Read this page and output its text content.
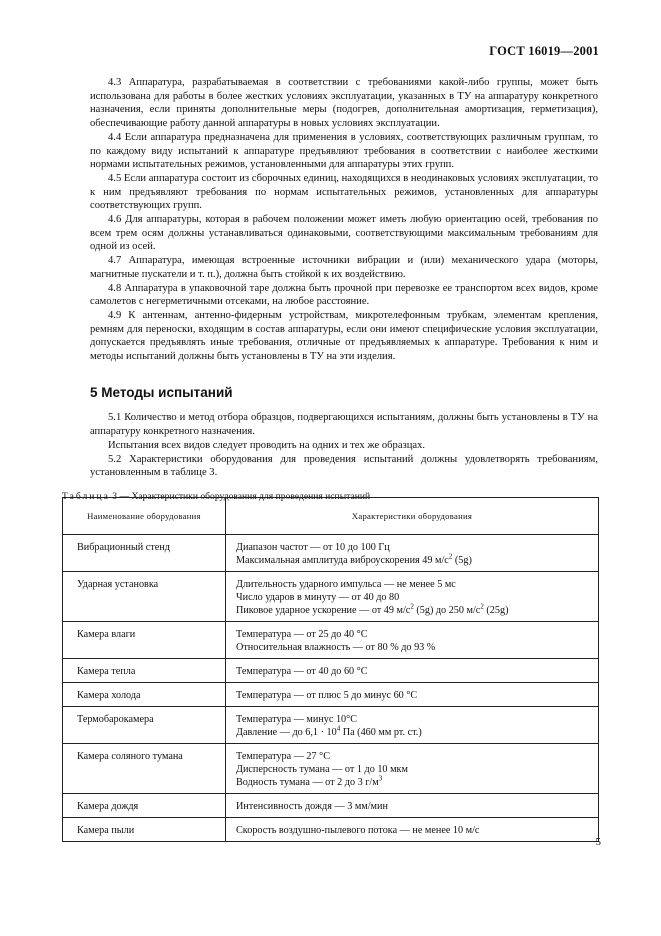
ГОСТ 16019—2001

4.3 Аппаратура, разрабатываемая в соответствии с требованиями какой-либо группы, может быть использована для работы в более жестких условиях эксплуатации, указанных в ТУ на аппаратуру конкретного назначения, если приняты дополнительные меры (подогрев, дополнительная амортизация, герметизация), обеспечивающие работу данной аппаратуры в новых условиях эксплуатации.

4.4 Если аппаратура предназначена для применения в условиях, соответствующих различным группам, то по каждому виду испытаний к аппаратуре предъявляют требования в соответствии с наиболее жесткими нормами испытательных режимов, установленными для аппаратуры этих групп.

4.5 Если аппаратура состоит из сборочных единиц, находящихся в неодинаковых условиях эксплуатации, то к ним предъявляют требования по нормам испытательных режимов, установленных для аппаратуры соответствующих групп.

4.6 Для аппаратуры, которая в рабочем положении может иметь любую ориентацию осей, требования по всем трем осям должны устанавливаться одинаковыми, соответствующими максимальным требованиям для одной из осей.

4.7 Аппаратура, имеющая встроенные источники вибрации и (или) механического удара (моторы, магнитные пускатели и т. п.), должна быть стойкой к их воздействию.

4.8 Аппаратура в упаковочной таре должна быть прочной при перевозке ее транспортом всех видов, кроме самолетов с негерметичными отсеками, на любое расстояние.

4.9 К антеннам, антенно-фидерным устройствам, микротелефонным трубкам, элементам крепления, ремням для переноски, входящим в состав аппаратуры, если они имеют специфические условия эксплуатации, допускается предъявлять иные требования, отличные от предъявляемых к аппаратуре. Требования к ним и методы испытаний должны быть установлены в ТУ на эти изделия.

5 Методы испытаний

5.1 Количество и метод отбора образцов, подвергающихся испытаниям, должны быть установлены в ТУ на аппаратуру конкретного назначения.

Испытания всех видов следует проводить на одних и тех же образцах.

5.2 Характеристики оборудования для проведения испытаний должны удовлетворять требованиям, установленным в таблице 3.

Таблица 3 — Характеристики оборудования для проведения испытаний

Наименование оборудования	Характеристики оборудования
Вибрационный стенд	Диапазон частот — от 10 до 100 Гц
Максимальная амплитуда виброускорения 49 $м/с^2$ (5g)

Ударная установка	Длительность ударного импульса — не менее 5 мс
Число ударов в минуту — от 40 до 80
Пиковое ударное ускорение — от 49 $м/с^2$ (5g) до 250 $м/с^2$ (25g)

Камера влаги	Температура — от 25 до 40 °С
Относительная влажность — от 80 % до 93 %

Камера тепла	Температура — от 40 до 60 °С

Камера холода	Температура — от плюс 5 до минус 60 °С

Термобарокамера	Температура — минус 10°С
Давление — до $6,1 \cdot 10^4$ Па (460 мм рт. ст.)

Камера соляного тумана	Температура — 27 °С
Дисперсность тумана — от 1 до 10 мкм
Водность тумана — от 2 до 3 $г/м^3$

Камера дождя	Интенсивность дождя — 3 мм/мин

Камера пыли	Скорость воздушно-пылевого потока — не менее 10 м/с
5
